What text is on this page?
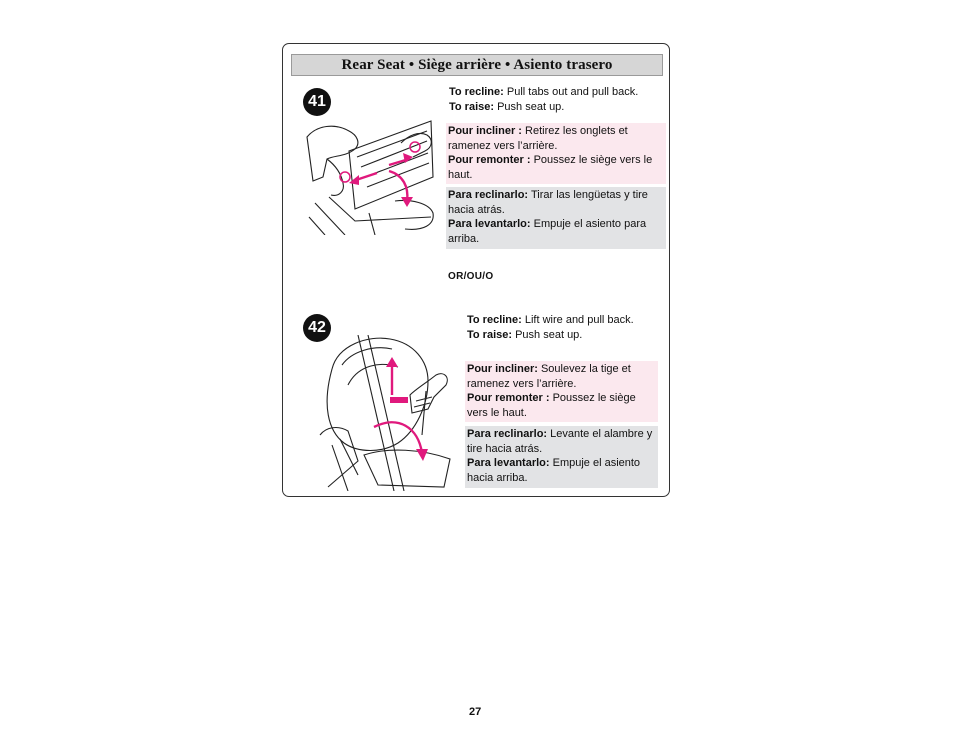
Rear Seat • Siège arrière • Asiento trasero
41
To recline: Pull tabs out and pull back.
To raise: Push seat up.
Pour incliner : Retirez les onglets et ramenez vers l’arrière.
Pour remonter : Poussez le siège vers le haut.
Para reclinarlo: Tirar las lengüetas y tire hacia atrás.
Para levantarlo: Empuje el asiento para arriba.
OR/OU/O
42	To recline: Lift wire and pull back.
To raise: Push seat up.
Pour incliner: Soulevez la tige et ramenez vers l’arrière.
Pour remonter : Poussez le siège vers le haut.
Para reclinarlo: Levante el alambre y tire hacia atrás.
Para levantarlo: Empuje el asiento hacia arriba.
27
